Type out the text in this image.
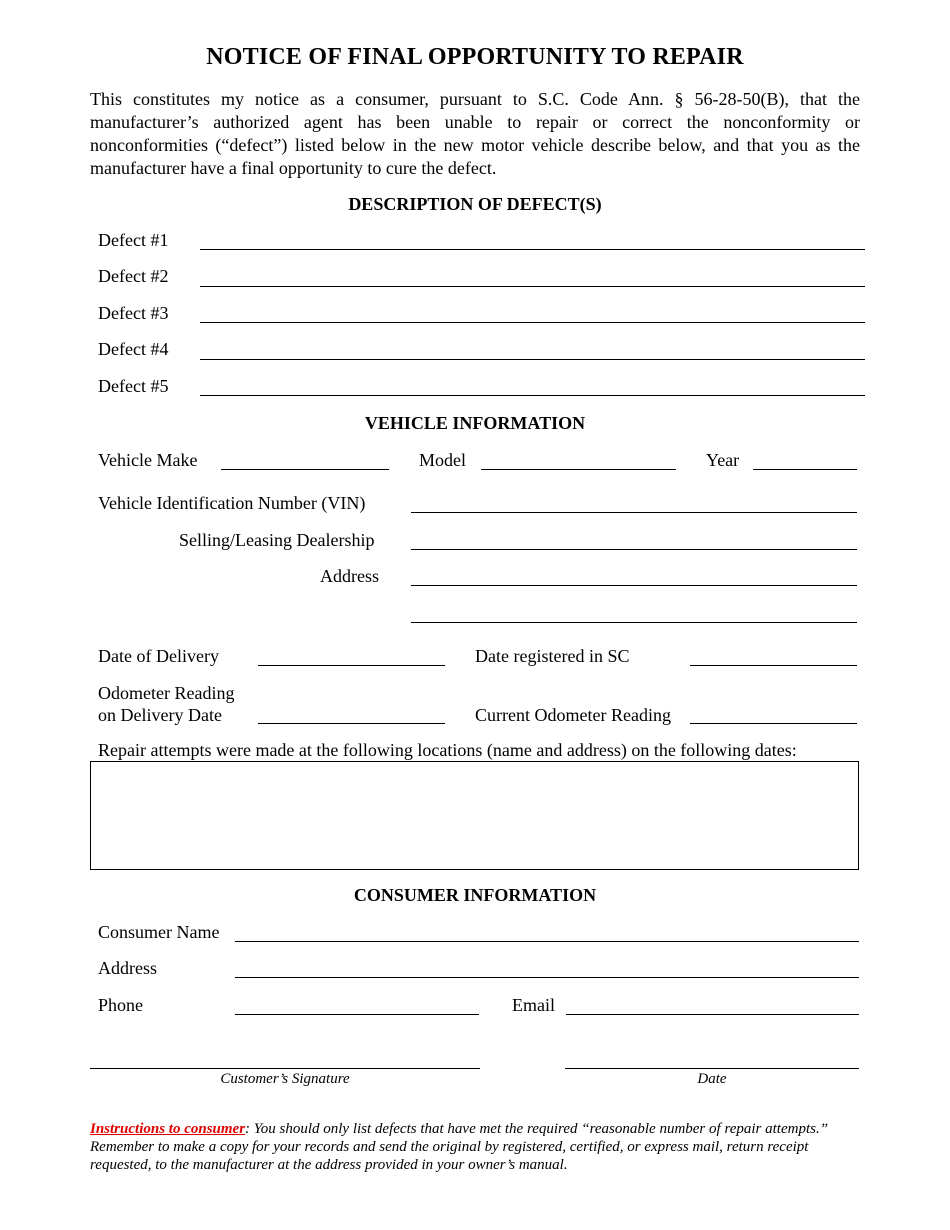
NOTICE OF FINAL OPPORTUNITY TO REPAIR
This constitutes my notice as a consumer, pursuant to S.C. Code Ann. § 56-28-50(B), that the manufacturer’s authorized agent has been unable to repair or correct the nonconformity or nonconformities (“defect”) listed below in the new motor vehicle describe below, and that you as the manufacturer have a final opportunity to cure the defect.
DESCRIPTION OF DEFECT(S)
Defect #1
Defect #2
Defect #3
Defect #4
Defect #5
VEHICLE INFORMATION
Vehicle Make	Model	Year
Vehicle Identification Number (VIN)
Selling/Leasing Dealership
Address
Date of Delivery	Date registered in SC
Odometer Reading
on Delivery Date	Current Odometer Reading
Repair attempts were made at the following locations (name and address) on the following dates:
CONSUMER INFORMATION
Consumer Name
Address
Phone	Email
Customer’s Signature	Date
Instructions to consumer: You should only list defects that have met the required “reasonable number of repair attempts.” Remember to make a copy for your records and send the original by registered, certified, or express mail, return receipt requested, to the manufacturer at the address provided in your owner’s manual.
